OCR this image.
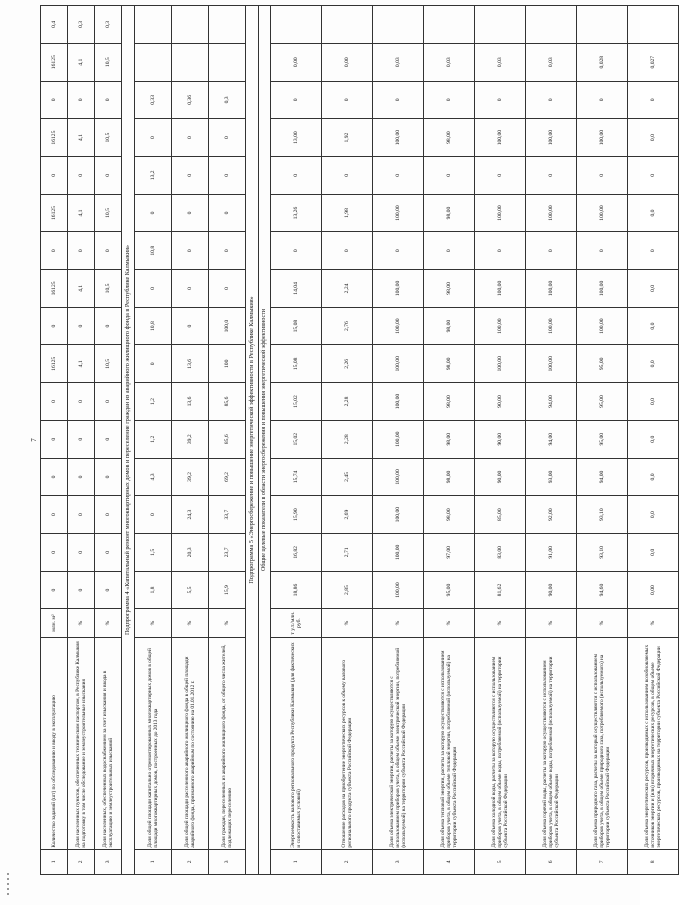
7
1	Количество заданий (шт) по обследованию и вводу в эксплуатацию	млн. м²	0	0	0	0	0	0	16125	0	16125	0	16125	0	16125	0	16125	0,4
2	Доля населенных пунктов, обеспеченных техническим паспортом, в Республике Калмыкия на подготовку в том числе обследование и землеустроительные изыскания	%	0	0	0	0	0	0	4,1	0	4,1	0	4,1	0	4,1	0	4,1	0,3
3	Доля населенных, обеспеченных водоснабжением за счет изыскания и ввода в эксплуатацию и землеустроительных изысканий	%	0	0	0	0	0	0	10,5	0	10,5	0	10,5	0	10,5	0	10,5	0,3
Подпрограмма 4 «Капитальный ремонт многоквартирных домов и переселение граждан из аварийного жилищного фонда в Республике Калмыкия»																		
1	Доля общей площади капитально отремонтированных многоквартирных домов в общей площади многоквартирных домов, построенных до 2013 года	%	1,8	1,5	0	4,3	1,2	1,2	0	10,8	0	10,8	0	13,2	0	0,33		
2	Доля общей площади расселенного аварийного жилищного фонда в общей площади аварийного фонда, признанного аварийным по состоянию на 01.01.2012 г.	%	5,5	20,3	24,3	39,2	39,2	13,6	13,6	0	0	0	0	0	0	0,36		
3	Доля граждан, переселенных из аварийного жилищного фонда, от общего числа жителей, подлежащих переселению	%	15,9	23,7	33,7	69,2	85,6	85,6	100	100,0	0	0	0	0	0	0,3		
Подпрограмма 5 «Энергосбережение и повышение энергетической эффективности в Республике Калмыкия»																		
Общие целевые показатели в области энергосбережения и повышения энергетической эффективности																		
1	Энергоемкость валового регионального продукта Республики Калмыкия (для фактических и сопоставимых условий)	т у.т./млн. руб.	18,86	16,82	15,90	15,74	15,02	15,02	15,08	15,08	14,04	0	13,26	0	13,00	0	0,00	
2	Отношение расходов на приобретение энергетических ресурсов к объему валового регионального продукта субъекта Российской Федерации	%	2,85	2,71	2,69	2,45	2,28	2,28	2,26	2,76	2,24	0	1,98	0	1,92	0	0,00	
3	Доля объема электрической энергии, расчеты за которую осуществляются с использованием приборов учета, в общем объеме электрической энергии, потребляемой (используемой) на территории субъекта Российской Федерации	%	100,00	100,00	100,00	100,00	100,00	100,00	100,00	100,00	100,00	0	100,00	0	100,00	0	0,03	
4	Доля объема тепловой энергии, расчеты за которую осуществляются с использованием приборов учета, в общем объеме тепловой энергии, потребляемой (используемой) на территории субъекта Российской Федерации	%	95,00	97,00	98,00	98,00	98,00	98,00	98,00	98,00	98,00	0	98,00	0	98,00	0	0,03	
5	Доля объема холодной воды, расчеты за которую осуществляются с использованием приборов учета, в общем объеме воды, потребляемой (используемой) на территории субъекта Российской Федерации	%	81,62	83,00	85,00	90,00	90,00	90,00	100,00	100,00	100,00	0	100,00	0	100,00	0	0,03	
6	Доля объема горячей воды, расчеты за которую осуществляются с использованием приборов учета, в общем объеме воды, потребляемой (используемой) на территории субъекта Российской Федерации	%	90,00	91,00	92,00	93,00	94,00	94,00	100,00	100,00	100,00	0	100,00	0	100,00	0	0,03	
7	Доля объема природного газа, расчеты за который осуществляются с использованием приборов учета, в общем объеме природного газа, потребляемого (используемого) на территории субъекта Российской Федерации	%	94,60	93,10	93,10	94,00	95,00	95,00	95,00	100,00	100,00	0	100,00	0	100,00	0	0,028	
8	Доля объема энергетических ресурсов, производимых с использованием возобновляемых источников энергии и (или) вторичных энергетических ресурсов, в общем объеме энергетических ресурсов, производимых на территории субъекта Российской Федерации	%	0,00	0,0	0,0	0,0	0,0	0,0	0,0	0,0	0,0	0	0,0	0	0,0	0	0,027	
